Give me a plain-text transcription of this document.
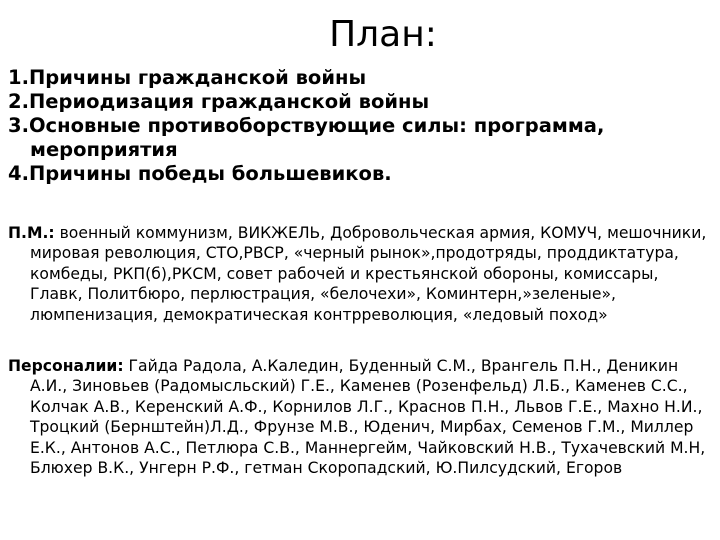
План:
1.Причины гражданской войны
2.Периодизация гражданской войны
3.Основные противоборствующие силы: программа, мероприятия
4.Причины победы большевиков.
П.М.: военный коммунизм, ВИКЖЕЛЬ, Добровольческая армия, КОМУЧ, мешочники, мировая революция, СТО,РВСР, «черный рынок»,продотряды, проддиктатура, комбеды, РКП(б),РКСМ, совет рабочей и крестьянской обороны, комиссары, Главк, Политбюро, перлюстрация, «белочехи», Коминтерн,»зеленые», люмпенизация, демократическая контрреволюция, «ледовый поход»
Персоналии: Гайда Радола, А.Каледин, Буденный С.М., Врангель П.Н., Деникин А.И., Зиновьев (Радомысльский) Г.Е., Каменев (Розенфельд) Л.Б., Каменев С.С., Колчак А.В., Керенский А.Ф., Корнилов Л.Г., Краснов П.Н., Львов Г.Е., Махно Н.И., Троцкий (Бернштейн)Л.Д., Фрунзе М.В., Юденич, Мирбах, Семенов Г.М., Миллер Е.К., Антонов А.С., Петлюра С.В., Маннергейм, Чайковский Н.В., Тухачевский М.Н, Блюхер В.К., Унгерн Р.Ф., гетман Скоропадский, Ю.Пилсудский, Егоров
